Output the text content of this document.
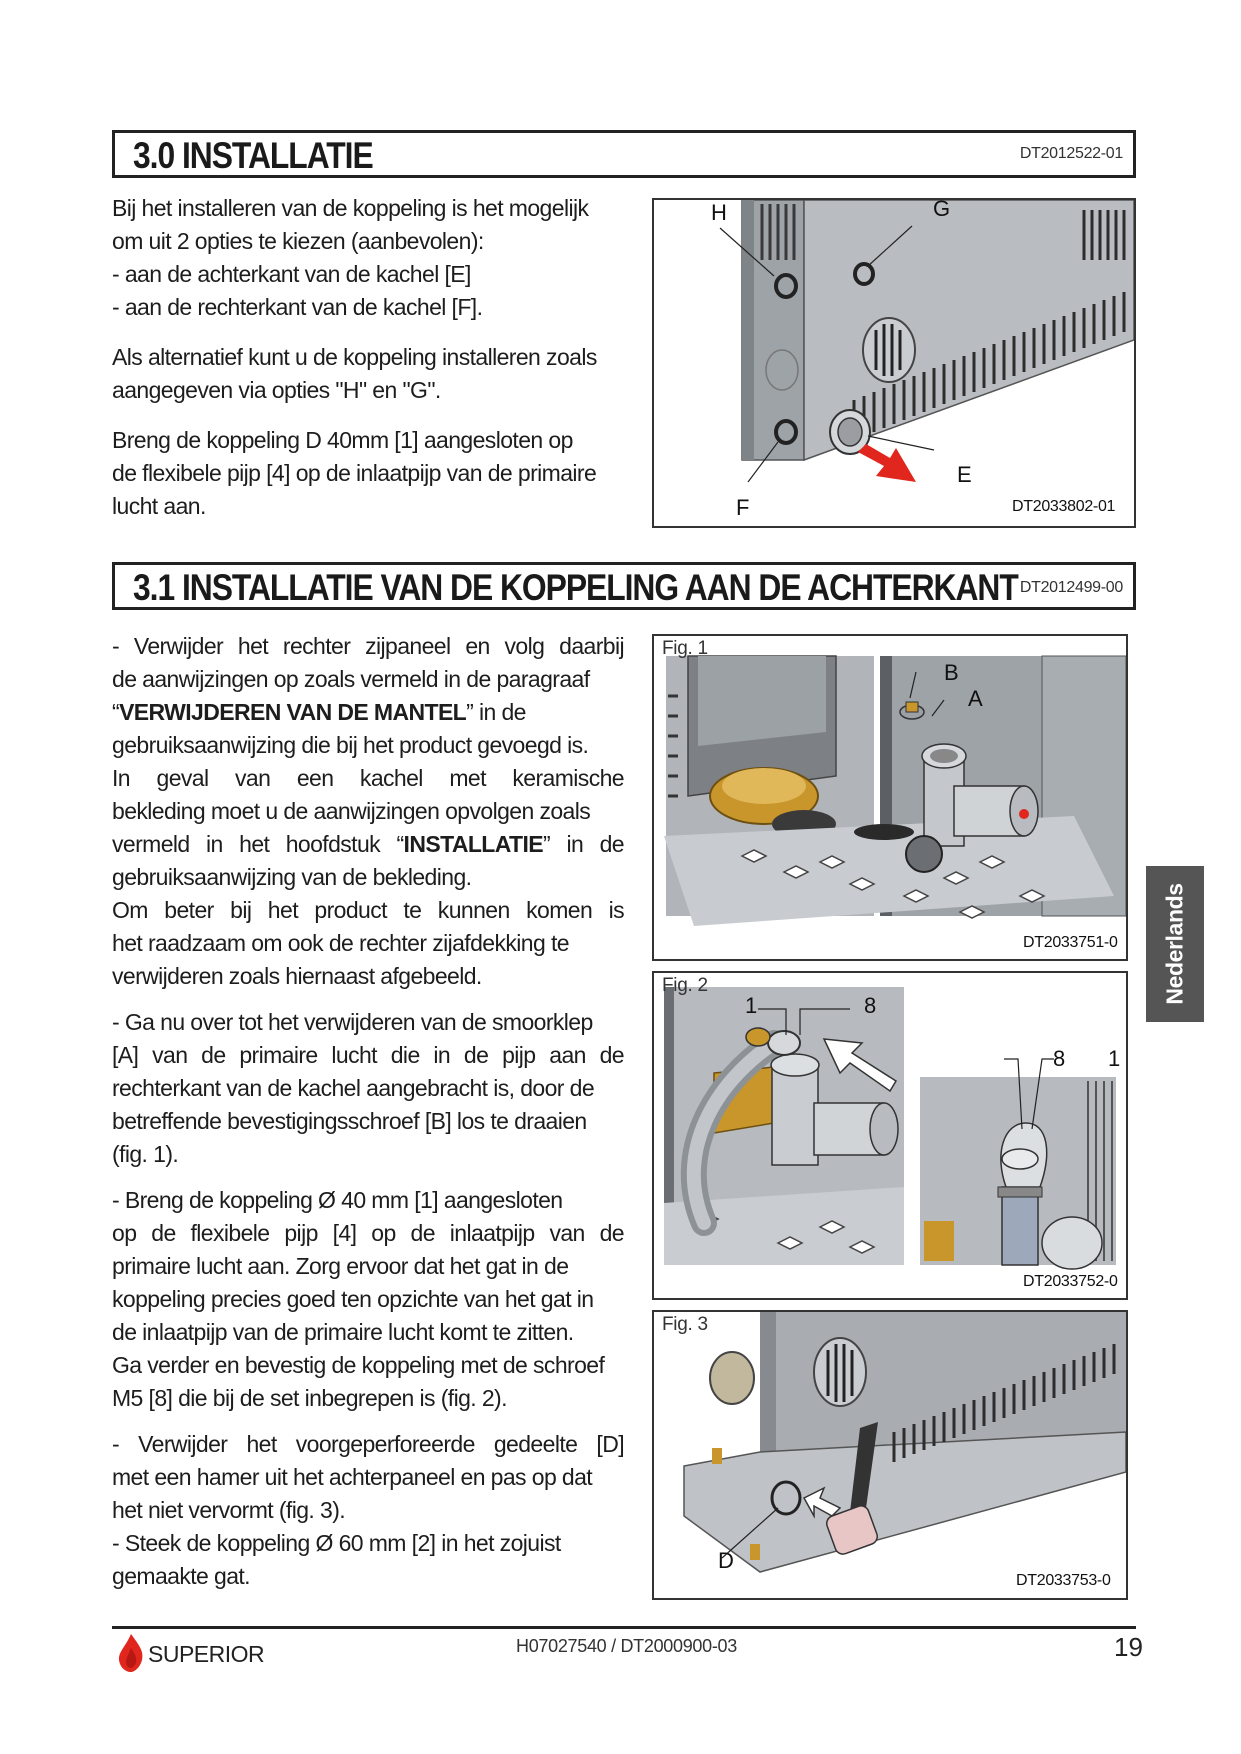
3.0 INSTALLATIE	DT2012522-01

Bij het installeren van de koppeling is het mogelijk
om uit 2 opties te kiezen (aanbevolen):
- aan de achterkant van de kachel [E]
- aan de rechterkant van de kachel [F].

Als alternatief kunt u de koppeling installeren zoals
aangegeven via opties "H" en "G".

Breng de koppeling D 40mm [1] aangesloten op
de flexibele pijp [4] op de inlaatpijp van de primaire
lucht aan.

H	G
E
F	DT2033802-01
3.1 INSTALLATIE VAN DE KOPPELING AAN DE ACHTERKANT DT2012499-00

- Verwijder het rechter zijpaneel en volg daarbij
de aanwijzingen op zoals vermeld in de paragraaf
“VERWIJDEREN VAN DE MANTEL” in de
gebruiksaanwijzing die bij het product gevoegd is.
In geval van een kachel met keramische
bekleding moet u de aanwijzingen opvolgen zoals
vermeld in het hoofdstuk “INSTALLATIE” in de
gebruiksaanwijzing van de bekleding.
Om beter bij het product te kunnen komen is
het raadzaam om ook de rechter zijafdekking te
verwijderen zoals hiernaast afgebeeld.

- Ga nu over tot het verwijderen van de smoorklep
[A] van de primaire lucht die in de pijp aan de
rechterkant van de kachel aangebracht is, door de
betreffende bevestigingsschroef [B] los te draaien
(fig. 1).

- Breng de koppeling Ø 40 mm [1] aangesloten
op de flexibele pijp [4] op de inlaatpijp van de
primaire lucht aan. Zorg ervoor dat het gat in de
koppeling precies goed ten opzichte van het gat in
de inlaatpijp van de primaire lucht komt te zitten.
Ga verder en bevestig de koppeling met de schroef
M5 [8] die bij de set inbegrepen is (fig. 2).

- Verwijder het voorgeperforeerde gedeelte [D]
met een hamer uit het achterpaneel en pas op dat
het niet vervormt (fig. 3).
- Steek de koppeling Ø 60 mm [2] in het zojuist
gemaakte gat.

Fig. 1
B
A
DT2033751-0
Fig. 2
1	8
8 1
DT2033752-0
Fig. 3
D
DT2033753-0
Nederlands
SUPERIOR	H07027540 / DT2000900-03	19
